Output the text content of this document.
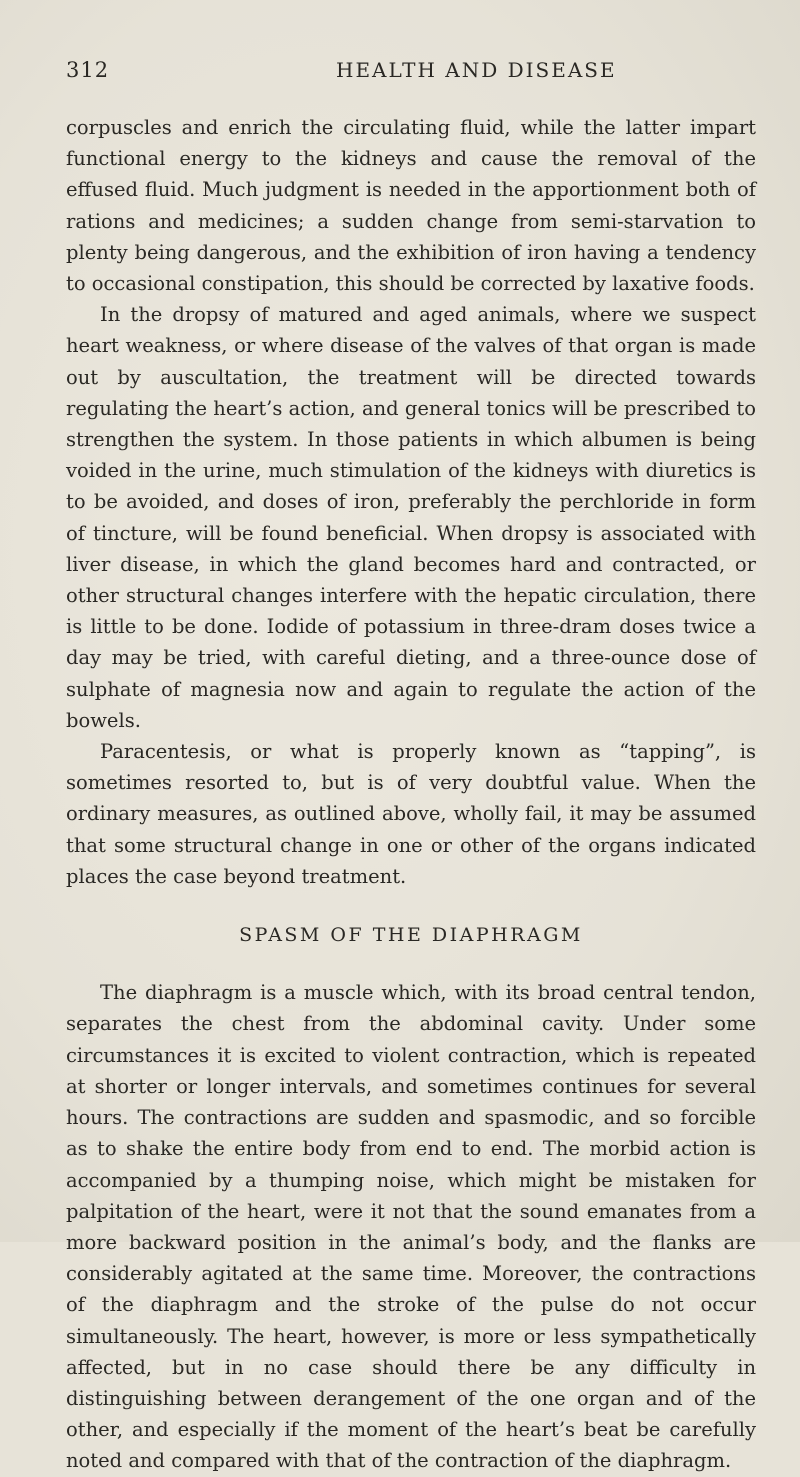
312	HEALTH AND DISEASE

corpuscles and enrich the circulating fluid, while the latter impart functional energy to the kidneys and cause the removal of the effused fluid. Much judgment is needed in the apportionment both of rations and medicines; a sudden change from semi-starvation to plenty being dangerous, and the exhibition of iron having a tendency to occasional constipation, this should be corrected by laxative foods.

In the dropsy of matured and aged animals, where we suspect heart weakness, or where disease of the valves of that organ is made out by auscultation, the treatment will be directed towards regulating the heart’s action, and general tonics will be prescribed to strengthen the system. In those patients in which albumen is being voided in the urine, much stimulation of the kidneys with diuretics is to be avoided, and doses of iron, preferably the perchloride in form of tincture, will be found beneficial. When dropsy is associated with liver disease, in which the gland becomes hard and contracted, or other structural changes interfere with the hepatic circulation, there is little to be done. Iodide of potassium in three-dram doses twice a day may be tried, with careful dieting, and a three-ounce dose of sulphate of magnesia now and again to regulate the action of the bowels.

Paracentesis, or what is properly known as “tapping”, is sometimes resorted to, but is of very doubtful value. When the ordinary measures, as outlined above, wholly fail, it may be assumed that some structural change in one or other of the organs indicated places the case beyond treatment.

SPASM OF THE DIAPHRAGM

The diaphragm is a muscle which, with its broad central tendon, separates the chest from the abdominal cavity. Under some circumstances it is excited to violent contraction, which is repeated at shorter or longer intervals, and sometimes continues for several hours. The contractions are sudden and spasmodic, and so forcible as to shake the entire body from end to end. The morbid action is accompanied by a thumping noise, which might be mistaken for palpitation of the heart, were it not that the sound emanates from a more backward position in the animal’s body, and the flanks are considerably agitated at the same time. Moreover, the contractions of the diaphragm and the stroke of the pulse do not occur simultaneously. The heart, however, is more or less sympathetically affected, but in no case should there be any difficulty in distinguishing between derangement of the one organ and of the other, and especially if the moment of the heart’s beat be carefully noted and compared with that of the contraction of the diaphragm.
